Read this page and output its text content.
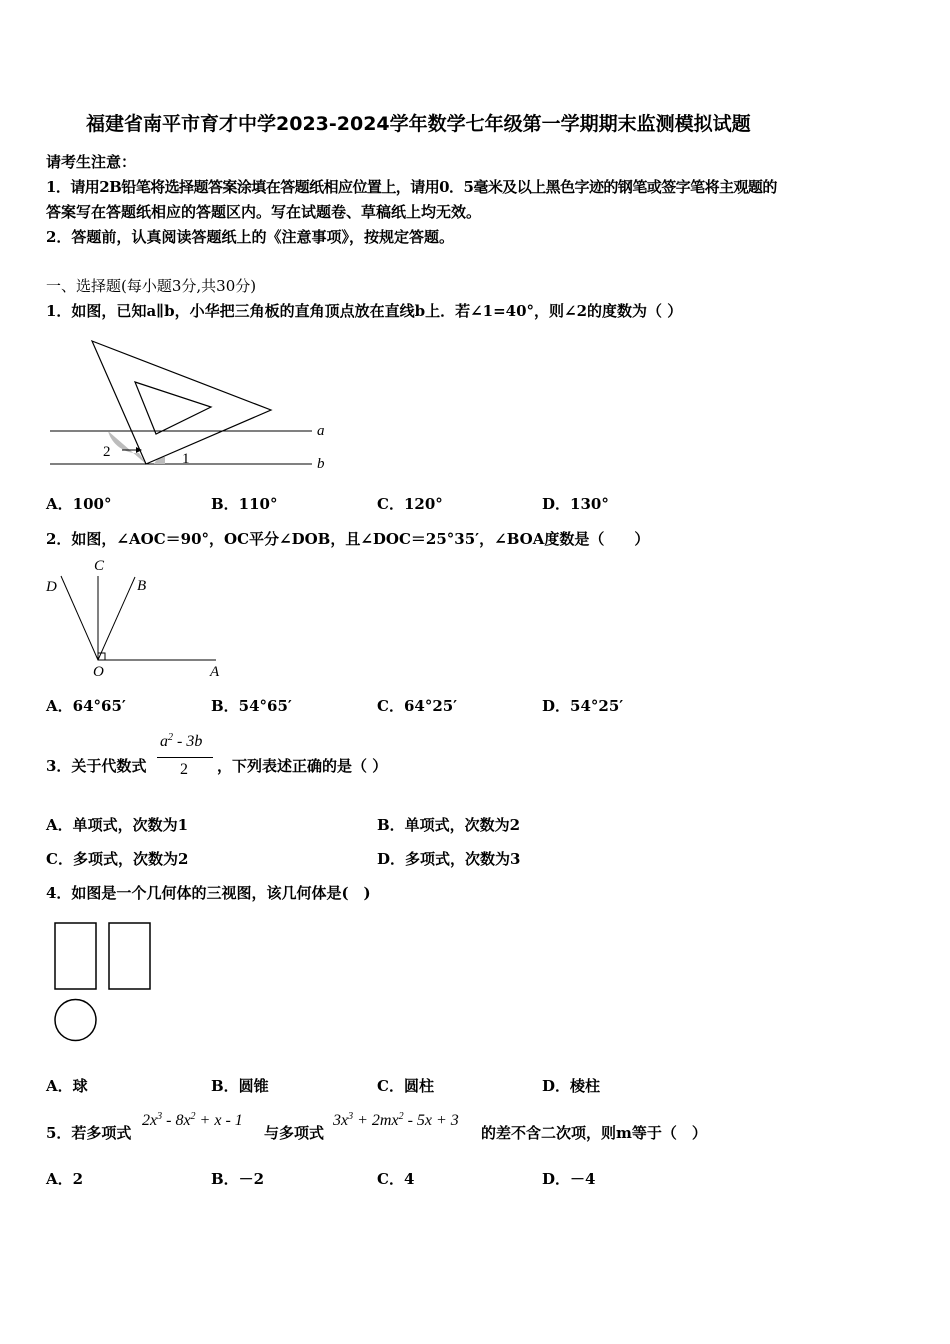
福建省南平市育才中学2023-2024学年数学七年级第一学期期末监测模拟试题
请考生注意：
1．请用2B铅笔将选择题答案涂填在答题纸相应位置上，请用0．5毫米及以上黑色字迹的钢笔或签字笔将主观题的
答案写在答题纸相应的答题区内。写在试题卷、草稿纸上均无效。
2．答题前，认真阅读答题纸上的《注意事项》，按规定答题。
一、选择题(每小题3分,共30分)
1．如图，已知a∥b，小华把三角板的直角顶点放在直线b上．若∠1=40°，则∠2的度数为（ ）
a
b
2	1
A．100°	B．110°	C．120°	D．130°
2．如图，∠AOC＝90°，OC平分∠DOB，且∠DOC＝25°35′，∠BOA度数是（　　）
D
C
B
O	A
A．64°65′	B．54°65′	C．64°25′	D．54°25′
3．关于代数式
$a^2 - 3b$
2 ，下列表述正确的是（ ）
A．单项式，次数为1	B．单项式，次数为2
C．多项式，次数为2	D．多项式，次数为3
4．如图是一个几何体的三视图，该几何体是(　)
A．球	B．圆锥	C．圆柱	D．棱柱
5．若多项式
$2x^3 - 8x^2 + x - 1$
与多项式
$3x^3 + 2mx^2 - 5x + 3$
的差不含二次项，则m等于（　）
A．2	B．－2	C．4	D．－4
